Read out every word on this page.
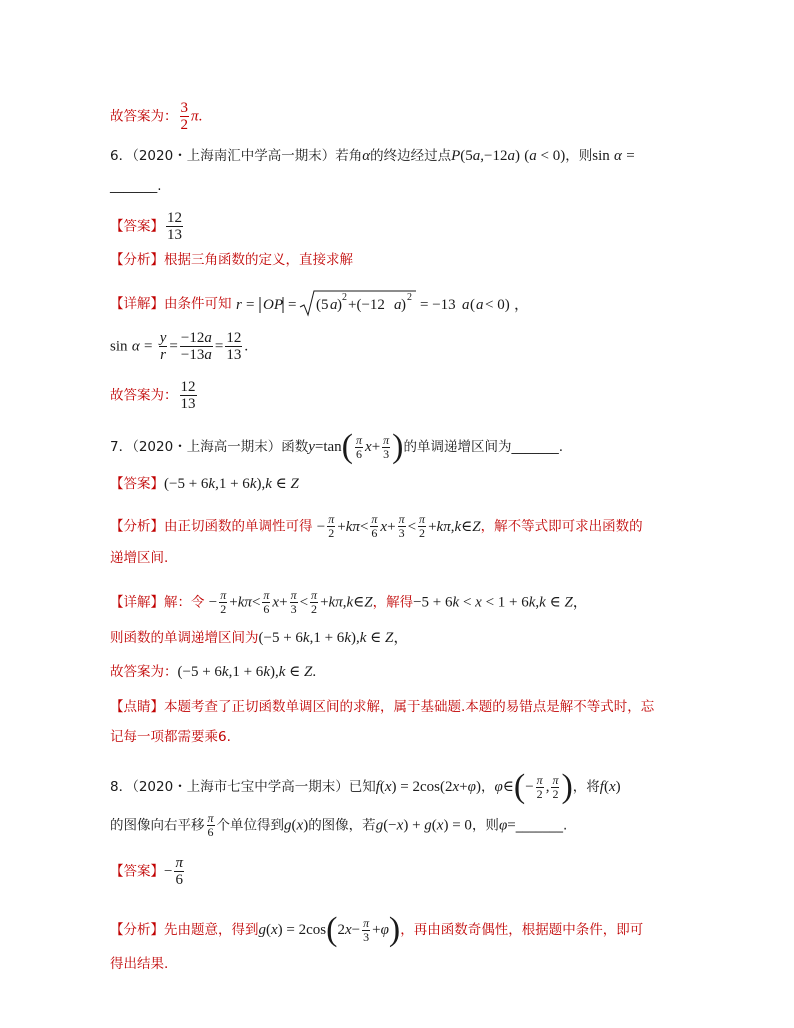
故答案为： $\frac{3}{2} \pi$.
6．（2020・上海南汇中学高一期末）若角α的终边经过点P(5a,−12a) (a < 0)，则sin α =
_______.
【答案】 $\frac{12}{13}$
【分析】根据三角函数的定义，直接求解
【详解】由条件可知 r = OP = (5 a ) 2 +(−12 a ) 2 = −13 a ( a < 0) ，
$\sin \alpha = \frac{y}{r} = \frac{-12a}{-13a} = \frac{12}{13}$ .
故答案为： $\frac{12}{13}$
7．（2020・上海高一期末）函数$y=\tan( \frac{\pi}{6} x+ \frac{\pi}{3}$ )的单调递增区间为_______.
【答案】(−5 + 6k,1 + 6k),k ∈ Z
【分析】由正切函数的单调性可得 − $\frac{\pi}{2} +k\pi< \frac{\pi}{6} x+ \frac{\pi}{3} < \frac{\pi}{2}$ +kπ,k∈Z，解不等式即可求出函数的
递增区间.
【详解】解：令 − $\frac{\pi}{2} +k\pi< \frac{\pi}{6} x+ \frac{\pi}{3} < \frac{\pi}{2}$ +kπ,k∈Z，解得−5 + 6k < x < 1 + 6k,k ∈ Z，
则函数的单调递增区间为(−5 + 6k,1 + 6k),k ∈ Z，
故答案为：(−5 + 6k,1 + 6k),k ∈ Z.
【点睛】本题考查了正切函数单调区间的求解，属于基础题.本题的易错点是解不等式时，忘
记每一项都需要乘6.
8．（2020・上海市七宝中学高一期末）已知f(x) = 2cos(2x+φ)，φ∈(− $\frac{\pi}{2}$ , $\frac{\pi}{2}$ )，将f(x)
的图像向右平移 $\frac{\pi}{6}$ 个单位得到g(x)的图像，若g(−x) + g(x) = 0，则φ=_______.
【答案】− $\frac{\pi}{6}$
【分析】先由题意，得到$g(x) = 2\cos(2x- \frac{\pi}{3} +\varphi)$，再由函数奇偶性，根据题中条件，即可
得出结果.
